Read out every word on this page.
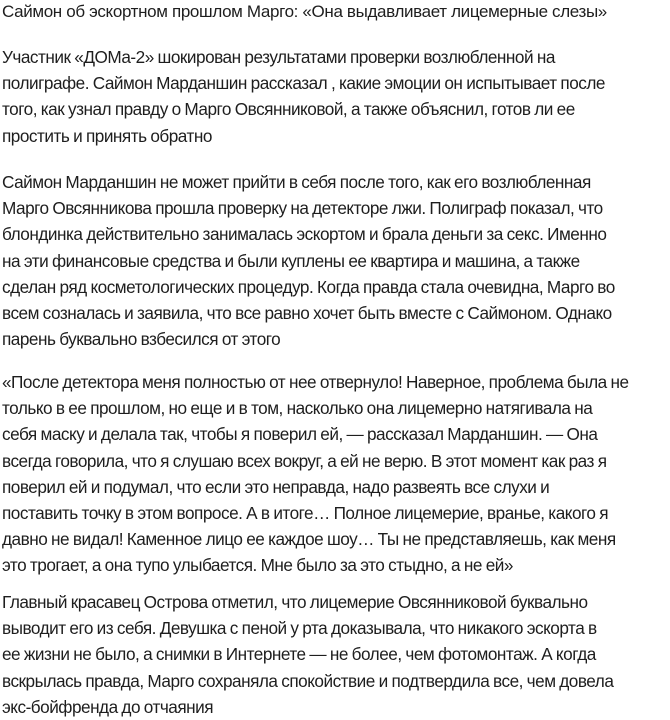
Саймон об эскортном прошлом Марго: «Она выдавливает лицемерные слезы»

Участник «ДОМа-2» шокирован результатами проверки возлюбленной на
полиграфе. Саймон Марданшин рассказал , какие эмоции он испытывает после
того, как узнал правду о Марго Овсянниковой, а также объяснил, готов ли ее
простить и принять обратно

Саймон Марданшин не может прийти в себя после того, как его возлюбленная
Марго Овсянникова прошла проверку на детекторе лжи. Полиграф показал, что
блондинка действительно занималась эскортом и брала деньги за секс. Именно
на эти финансовые средства и были куплены ее квартира и машина, а также
сделан ряд косметологических процедур. Когда правда стала очевидна, Марго во
всем созналась и заявила, что все равно хочет быть вместе с Саймоном. Однако
парень буквально взбесился от этого

«После детектора меня полностью от нее отвернуло! Наверное, проблема была не
только в ее прошлом, но еще и в том, насколько она лицемерно натягивала на
себя маску и делала так, чтобы я поверил ей, — рассказал Марданшин. — Она
всегда говорила, что я слушаю всех вокруг, а ей не верю. В этот момент как раз я
поверил ей и подумал, что если это неправда, надо развеять все слухи и
поставить точку в этом вопросе. А в итоге… Полное лицемерие, вранье, какого я
давно не видал! Каменное лицо ее каждое шоу… Ты не представляешь, как меня
это трогает, а она тупо улыбается. Мне было за это стыдно, а не ей»

Главный красавец Острова отметил, что лицемерие Овсянниковой буквально
выводит его из себя. Девушка с пеной у рта доказывала, что никакого эскорта в
ее жизни не было, а снимки в Интернете — не более, чем фотомонтаж. А когда
вскрылась правда, Марго сохраняла спокойствие и подтвердила все, чем довела
экс-бойфренда до отчаяния
